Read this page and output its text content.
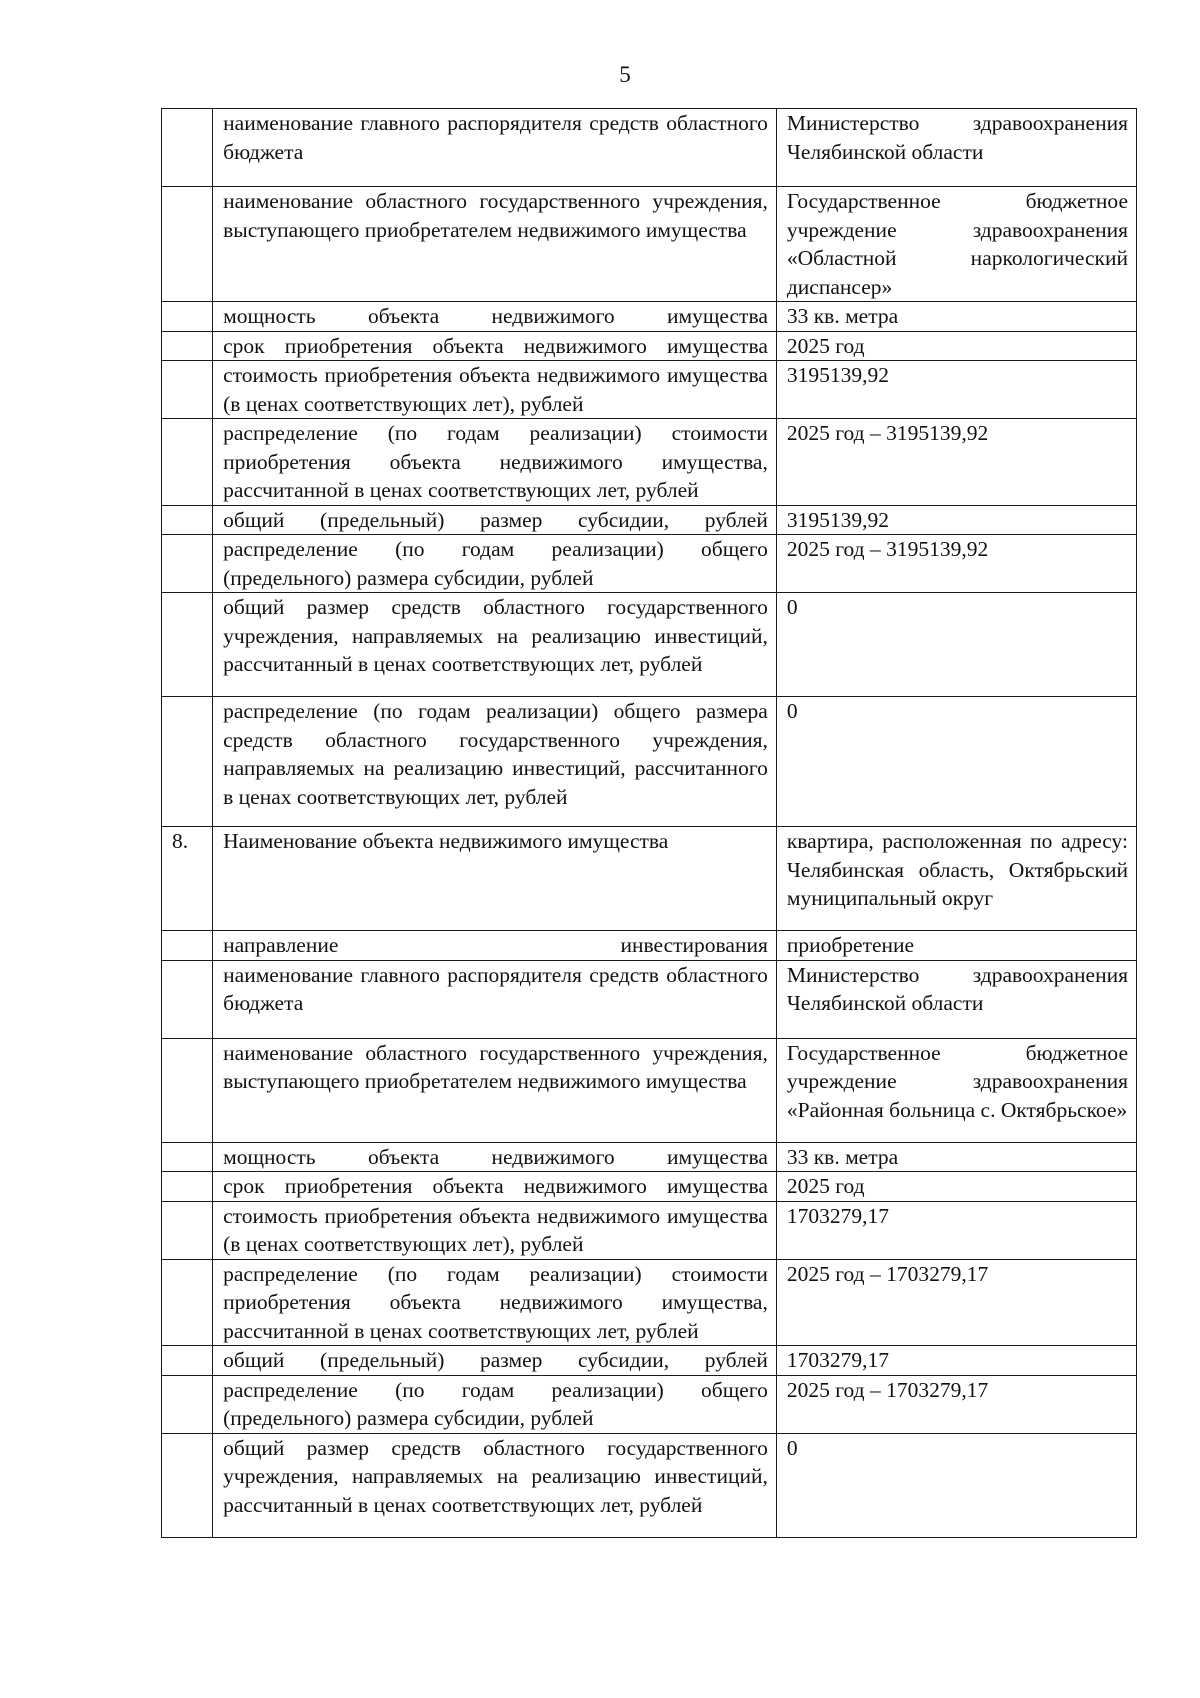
5
	наименование главного распорядителя средств областного бюджета	Министерство здравоохранения Челябинской области
	наименование областного государственного учреждения, выступающего приобретателем недвижимого имущества	Государственное бюджетное учреждение здравоохранения «Областной наркологический диспансер»
	мощность объекта недвижимого имущества	33 кв. метра
	срок приобретения объекта недвижимого имущества	2025 год
	стоимость приобретения объекта недвижимого имущества (в ценах соответствующих лет), рублей	3195139,92
	распределение (по годам реализации) стоимости приобретения объекта недвижимого имущества, рассчитанной в ценах соответствующих лет, рублей	2025 год – 3195139,92
	общий (предельный) размер субсидии, рублей	3195139,92
	распределение (по годам реализации) общего (предельного) размера субсидии, рублей	2025 год – 3195139,92
	общий размер средств областного государственного учреждения, направляемых на реализацию инвестиций, рассчитанный в ценах соответствующих лет, рублей	0
	распределение (по годам реализации) общего размера средств областного государственного учреждения, направляемых на реализацию инвестиций, рассчитанного в ценах соответствующих лет, рублей	0
8.	Наименование объекта недвижимого имущества	квартира, расположенная по адресу: Челябинская область, Октябрьский муниципальный округ
	направление инвестирования	приобретение
	наименование главного распорядителя средств областного бюджета	Министерство здравоохранения Челябинской области
	наименование областного государственного учреждения, выступающего приобретателем недвижимого имущества	Государственное бюджетное учреждение здравоохранения «Районная больница с. Октябрьское»
	мощность объекта недвижимого имущества	33 кв. метра
	срок приобретения объекта недвижимого имущества	2025 год
	стоимость приобретения объекта недвижимого имущества (в ценах соответствующих лет), рублей	1703279,17
	распределение (по годам реализации) стоимости приобретения объекта недвижимого имущества, рассчитанной в ценах соответствующих лет, рублей	2025 год – 1703279,17
	общий (предельный) размер субсидии, рублей	1703279,17
	распределение (по годам реализации) общего (предельного) размера субсидии, рублей	2025 год – 1703279,17
	общий размер средств областного государственного учреждения, направляемых на реализацию инвестиций, рассчитанный в ценах соответствующих лет, рублей	0
